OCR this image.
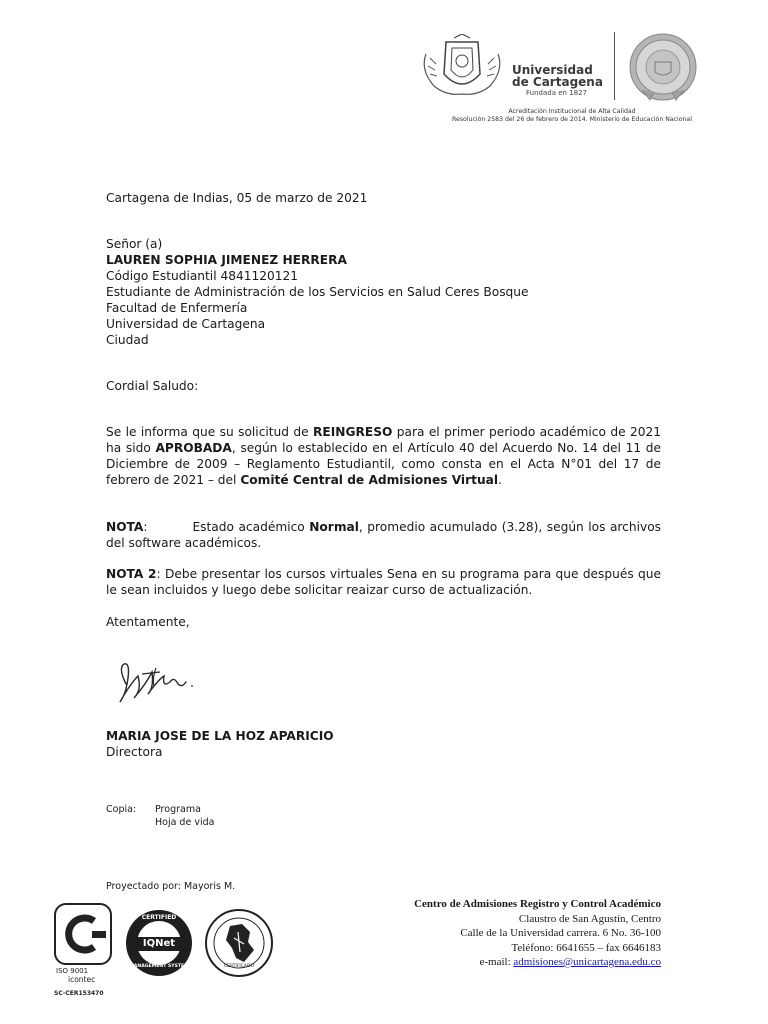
Universidad
de Cartagena
Fundada en 1827
Acreditación Institucional de Alta Calidad
Resolución 2583 del 26 de febrero de 2014. Ministerio de Educación Nacional
Cartagena de Indias, 05 de marzo de 2021
Señor (a)
LAUREN SOPHIA JIMENEZ HERRERA
Código Estudiantil 4841120121
Estudiante de Administración de los Servicios en Salud Ceres Bosque
Facultad de Enfermería
Universidad de Cartagena
Ciudad
Cordial Saludo:
Se le informa que su solicitud de REINGRESO para el primer periodo académico de 2021 ha sido APROBADA, según lo establecido en el Artículo 40 del Acuerdo No. 14 del 11 de Diciembre de 2009 – Reglamento Estudiantil, como consta en el Acta N°01 del 17 de febrero de 2021 – del Comité Central de Admisiones Virtual.
NOTA:          Estado académico Normal, promedio acumulado (3.28), según los archivos del software académicos.
NOTA 2: Debe presentar los cursos virtuales Sena en su programa para que después que le sean incluidos y luego debe solicitar reaizar curso de actualización.
Atentamente,
MARIA JOSE DE LA HOZ APARICIO
Directora
Copia: Programa
Hoja de vida
Proyectado por: Mayoris M.
ISO 9001
icontec
SC-CER153470
CERTIFIED
IQNet
MANAGEMENT SYSTEM	CERTIFICADO
Centro de Admisiones Registro y Control Académico
Claustro de San Agustín, Centro
Calle de la Universidad carrera. 6 No. 36-100
Teléfono: 6641655 – fax 6646183
e-mail: admisiones@unicartagena.edu.co
